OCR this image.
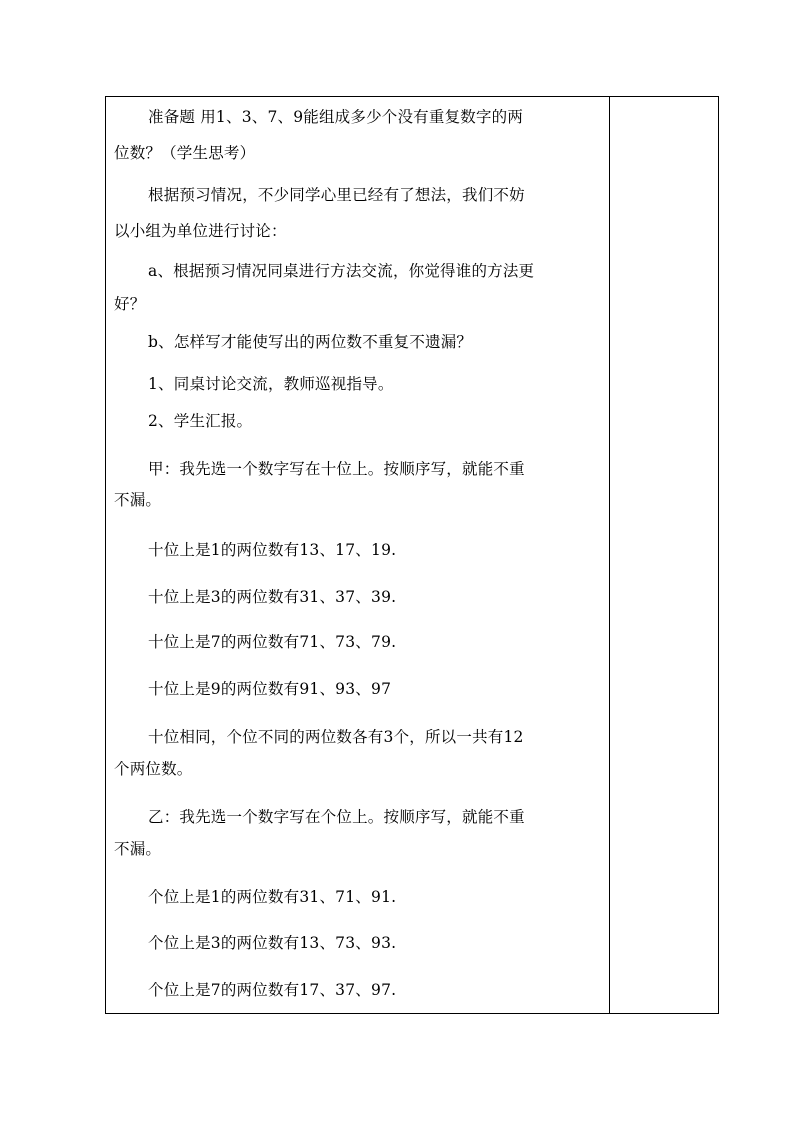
准备题 用1、3、7、9能组成多少个没有重复数字的两
位数？（学生思考）
根据预习情况，不少同学心里已经有了想法，我们不妨
以小组为单位进行讨论：
a、根据预习情况同桌进行方法交流，你觉得谁的方法更
好？
b、怎样写才能使写出的两位数不重复不遗漏？
1、同桌讨论交流，教师巡视指导。
2、学生汇报。
甲：我先选一个数字写在十位上。按顺序写，就能不重
不漏。
十位上是1的两位数有13、17、19.
十位上是3的两位数有31、37、39.
十位上是7的两位数有71、73、79.
十位上是9的两位数有91、93、97
十位相同，个位不同的两位数各有3个，所以一共有12
个两位数。
乙：我先选一个数字写在个位上。按顺序写，就能不重
不漏。
个位上是1的两位数有31、71、91.
个位上是3的两位数有13、73、93.
个位上是7的两位数有17、37、97.
